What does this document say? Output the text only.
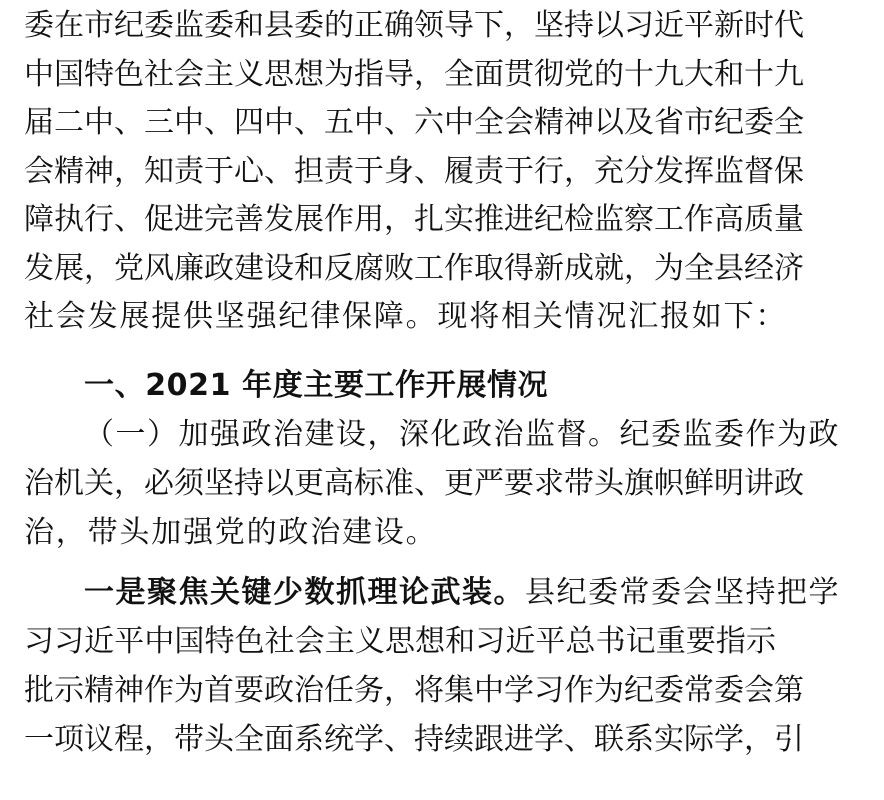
委在市纪委监委和县委的正确领导下，坚持以习近平新时代
中国特色社会主义思想为指导，全面贯彻党的十九大和十九
届二中、三中、四中、五中、六中全会精神以及省市纪委全
会精神，知责于心、担责于身、履责于行，充分发挥监督保
障执行、促进完善发展作用，扎实推进纪检监察工作高质量
发展，党风廉政建设和反腐败工作取得新成就，为全县经济
社会发展提供坚强纪律保障。现将相关情况汇报如下：
一、2021 年度主要工作开展情况
（一）加强政治建设，深化政治监督。纪委监委作为政
治机关，必须坚持以更高标准、更严要求带头旗帜鲜明讲政
治，带头加强党的政治建设。
一是聚焦关键少数抓理论武装。县纪委常委会坚持把学
习习近平中国特色社会主义思想和习近平总书记重要指示
批示精神作为首要政治任务，将集中学习作为纪委常委会第
一项议程，带头全面系统学、持续跟进学、联系实际学，引
